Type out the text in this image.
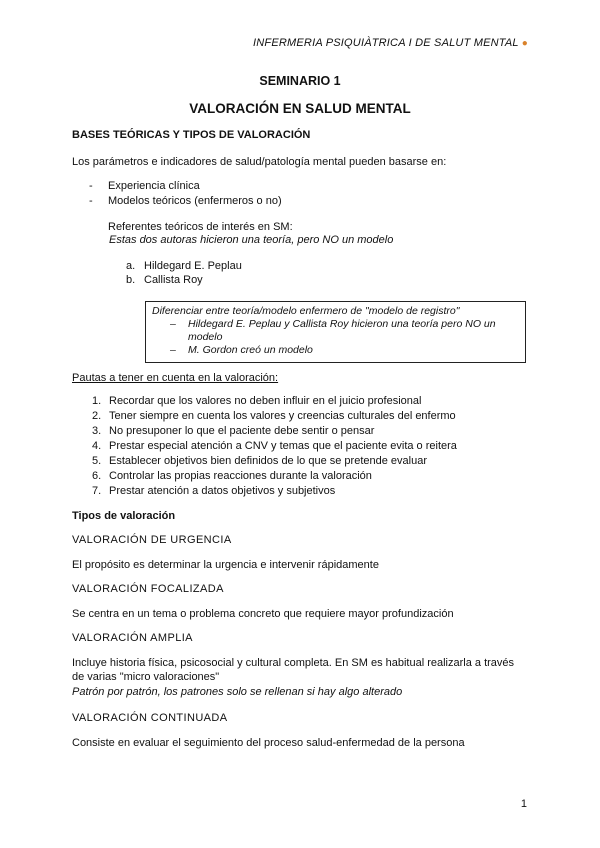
INFERMERIA PSIQUIÀTRICA I DE SALUT MENTAL ●
SEMINARIO 1
VALORACIÓN EN SALUD MENTAL
BASES TEÓRICAS Y TIPOS DE VALORACIÓN
Los parámetros e indicadores de salud/patología mental pueden basarse en:
- Experiencia clínica
- Modelos teóricos (enfermeros o no)
Referentes teóricos de interés en SM:
Estas dos autoras hicieron una teoría, pero NO un modelo
a. Hildegard E. Peplau
b. Callista Roy
Diferenciar entre teoría/modelo enfermero de "modelo de registro"
– Hildegard E. Peplau y Callista Roy hicieron una teoría pero NO un
modelo
– M. Gordon creó un modelo
Pautas a tener en cuenta en la valoración:
1. Recordar que los valores no deben influir en el juicio profesional
2. Tener siempre en cuenta los valores y creencias culturales del enfermo
3. No presuponer lo que el paciente debe sentir o pensar
4. Prestar especial atención a CNV y temas que el paciente evita o reitera
5. Establecer objetivos bien definidos de lo que se pretende evaluar
6. Controlar las propias reacciones durante la valoración
7. Prestar atención a datos objetivos y subjetivos
Tipos de valoración
VALORACIÓN DE URGENCIA
El propósito es determinar la urgencia e intervenir rápidamente
VALORACIÓN FOCALIZADA
Se centra en un tema o problema concreto que requiere mayor profundización
VALORACIÓN AMPLIA
Incluye historia física, psicosocial y cultural completa. En SM es habitual realizarla a través
de varias "micro valoraciones"
Patrón por patrón, los patrones solo se rellenan si hay algo alterado
VALORACIÓN CONTINUADA
Consiste en evaluar el seguimiento del proceso salud-enfermedad de la persona
1
